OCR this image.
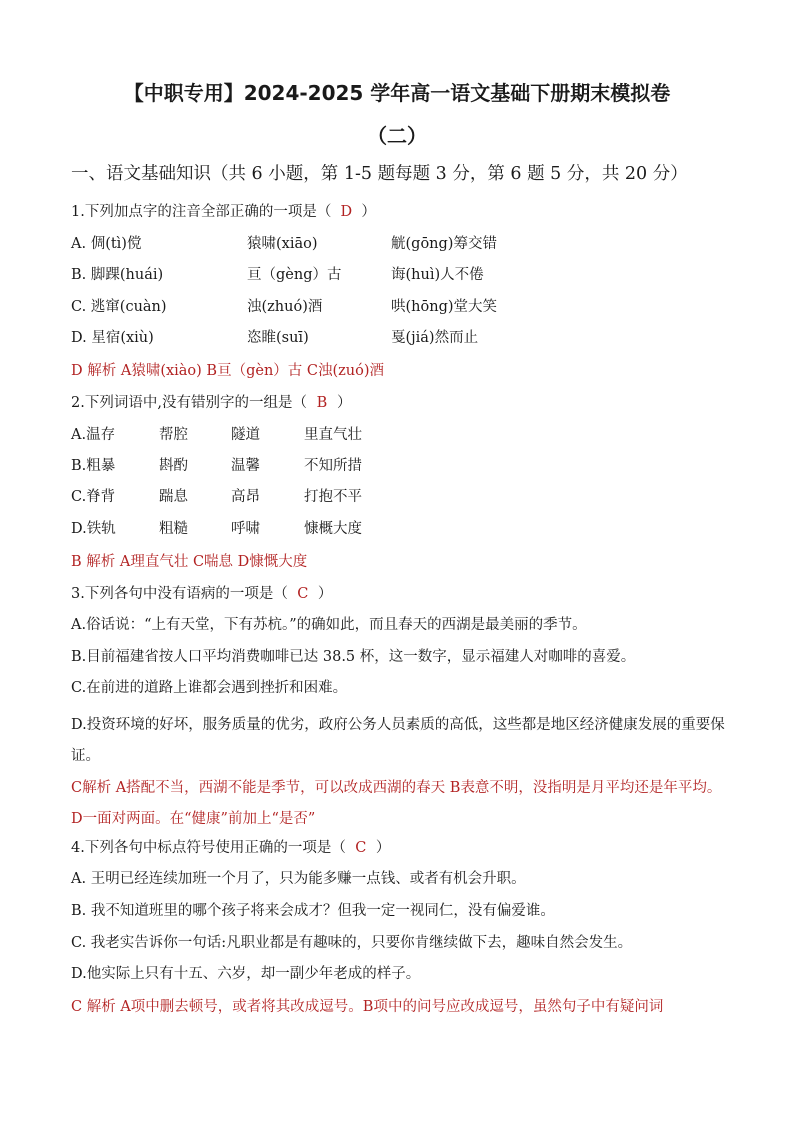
【中职专用】2024-2025 学年高一语文基础下册期末模拟卷
（二）
一、语文基础知识（共 6 小题，第 1-5 题每题 3 分，第 6 题 5 分，共 20 分）
1.下列加点字的注音全部正确的一项是（ D ）
A. 倜(tì)傥	猿啸(xiāo)	觥(gōng)筹交错
B. 脚踝(huái)	亘（gèng）古	诲(huì)人不倦
C. 逃窜(cuàn)	浊(zhuó)酒	哄(hōng)堂大笑
D. 星宿(xiù)	恣睢(suī)	戛(jiá)然而止
D 解析 A猿啸(xiào) B亘（gèn）古 C浊(zuó)酒
2.下列词语中,没有错别字的一组是（ B ）
A.温存	帮腔	隧道	里直气壮
B.粗暴	斟酌	温馨	不知所措
C.脊背	踹息	高昂	打抱不平
D.铁轨	粗糙	呼啸	慷概大度
B 解析 A理直气壮 C喘息 D慷慨大度
3.下列各句中没有语病的一项是（ C ）
A.俗话说：“上有天堂，下有苏杭。”的确如此，而且春天的西湖是最美丽的季节。
B.目前福建省按人口平均消费咖啡已达 38.5 杯，这一数字，显示福建人对咖啡的喜爱。
C.在前进的道路上谁都会遇到挫折和困难。
D.投资环境的好坏，服务质量的优劣，政府公务人员素质的高低，这些都是地区经济健康发展的重要保证。
C解析 A搭配不当，西湖不能是季节，可以改成西湖的春天 B表意不明，没指明是月平均还是年平均。 D一面对两面。在“健康”前加上“是否”
4.下列各句中标点符号使用正确的一项是（ C ）
A. 王明已经连续加班一个月了，只为能多赚一点钱、或者有机会升职。
B. 我不知道班里的哪个孩子将来会成才？但我一定一视同仁，没有偏爱谁。
C. 我老实告诉你一句话:凡职业都是有趣味的，只要你肯继续做下去，趣味自然会发生。
D.他实际上只有十五、六岁，却一副少年老成的样子。
C 解析 A项中删去顿号，或者将其改成逗号。B项中的问号应改成逗号，虽然句子中有疑问词
